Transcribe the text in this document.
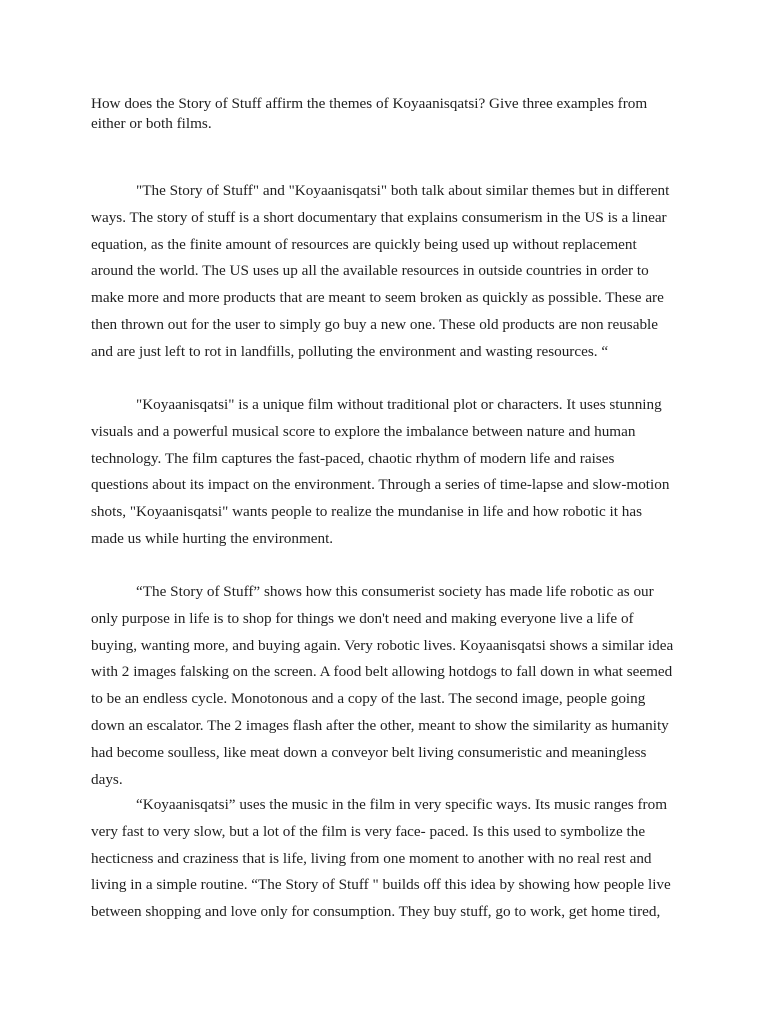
How does the Story of Stuff affirm the themes of Koyaanisqatsi? Give three examples from either or both films.

"The Story of Stuff" and "Koyaanisqatsi" both talk about similar themes but in different ways. The story of stuff is a short documentary that explains consumerism in the US is a linear equation, as the finite amount of resources are quickly being used up without replacement around the world. The US uses up all the available resources in outside countries in order to make more and more products that are meant to seem broken as quickly as possible. These are then thrown out for the user to simply go buy a new one. These old products are non reusable and are just left to rot in landfills, polluting the environment and wasting resources. “

"Koyaanisqatsi" is a unique film without traditional plot or characters. It uses stunning visuals and a powerful musical score to explore the imbalance between nature and human technology. The film captures the fast-paced, chaotic rhythm of modern life and raises questions about its impact on the environment. Through a series of time-lapse and slow-motion shots, "Koyaanisqatsi" wants people to realize the mundanise in life and how robotic it has made us while hurting the environment.

“The Story of Stuff” shows how this consumerist society has made life robotic as our only purpose in life is to shop for things we don't need and making everyone live a life of buying, wanting more, and buying again. Very robotic lives. Koyaanisqatsi shows a similar idea with 2 images falsking on the screen. A food belt allowing hotdogs to fall down in what seemed to be an endless cycle. Monotonous and a copy of the last. The second image, people going down an escalator. The 2 images flash after the other, meant to show the similarity as humanity had become soulless, like meat down a conveyor belt living consumeristic and meaningless days.

“Koyaanisqatsi” uses the music in the film in very specific ways. Its music ranges from very fast to very slow, but a lot of the film is very face- paced. Is this used to symbolize the hecticness and craziness that is life, living from one moment to another with no real rest and living in a simple routine. “The Story of Stuff " builds off this idea by showing how people live between shopping and love only for consumption. They buy stuff, go to work, get home tired,
